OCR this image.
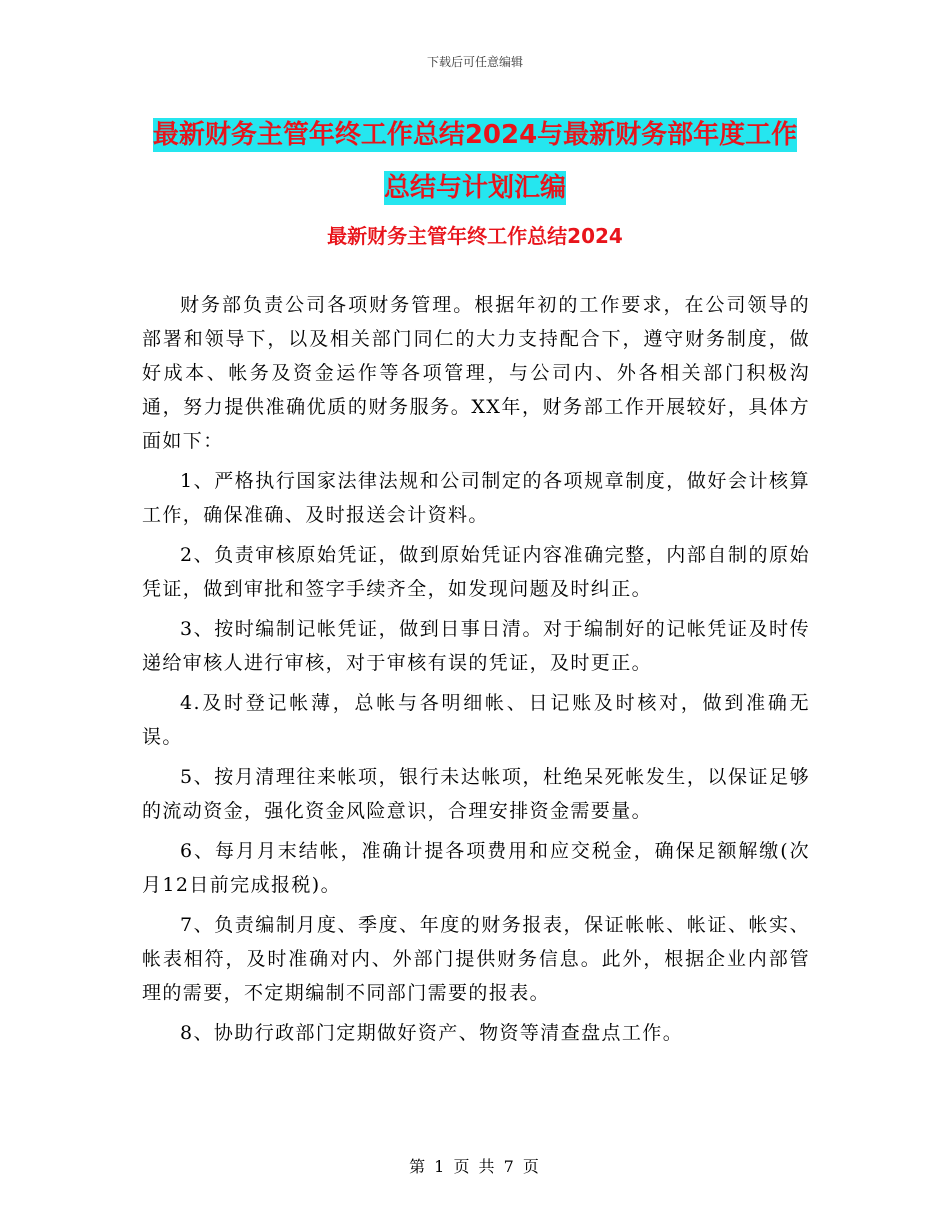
下载后可任意编辑
最新财务主管年终工作总结2024与最新财务部年度工作总结与计划汇编
最新财务主管年终工作总结2024

财务部负责公司各项财务管理。根据年初的工作要求，在公司领导的部署和领导下，以及相关部门同仁的大力支持配合下，遵守财务制度，做好成本、帐务及资金运作等各项管理，与公司内、外各相关部门积极沟通，努力提供准确优质的财务服务。XX年，财务部工作开展较好，具体方面如下：

1、严格执行国家法律法规和公司制定的各项规章制度，做好会计核算工作，确保准确、及时报送会计资料。

2、负责审核原始凭证，做到原始凭证内容准确完整，内部自制的原始凭证，做到审批和签字手续齐全，如发现问题及时纠正。

3、按时编制记帐凭证，做到日事日清。对于编制好的记帐凭证及时传递给审核人进行审核，对于审核有误的凭证，及时更正。

4.及时登记帐薄，总帐与各明细帐、日记账及时核对，做到准确无误。

5、按月清理往来帐项，银行未达帐项，杜绝呆死帐发生，以保证足够的流动资金，强化资金风险意识，合理安排资金需要量。

6、每月月末结帐，准确计提各项费用和应交税金，确保足额解缴(次月12日前完成报税)。

7、负责编制月度、季度、年度的财务报表，保证帐帐、帐证、帐实、帐表相符，及时准确对内、外部门提供财务信息。此外，根据企业内部管理的需要，不定期编制不同部门需要的报表。

8、协助行政部门定期做好资产、物资等清查盘点工作。

第 1 页 共 7 页
